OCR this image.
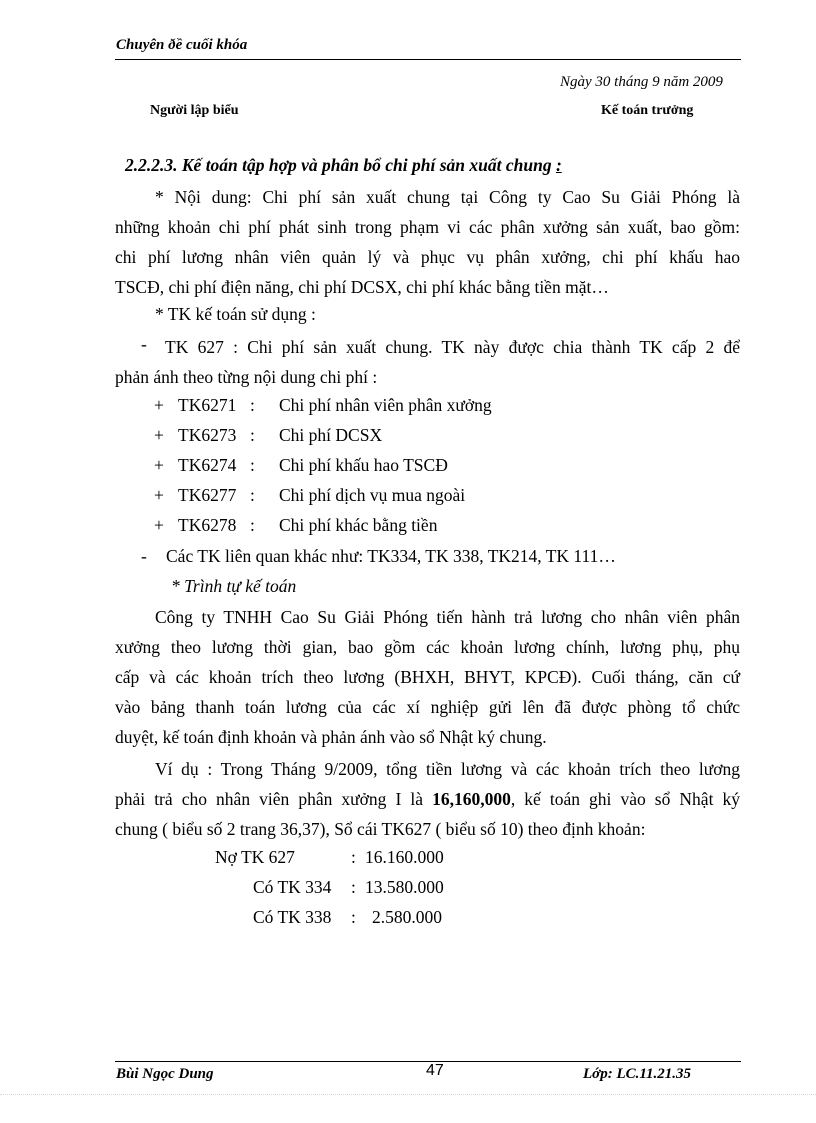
Chuyên ðề cuối khóa
Ngày 30 tháng 9 năm 2009
Người lập biểu	Kế toán trưởng
2.2.2.3. Kế toán tập hợp và phân bổ chi phí sản xuất chung :
* Nội dung: Chi phí sản xuất chung tại Công ty Cao Su Giải Phóng là
những khoản chi phí phát sinh trong phạm vi các phân xưởng sản xuất, bao gồm:
chi phí lương nhân viên quản lý và phục vụ phân xưởng, chi phí khấu hao
TSCĐ, chi phí điện năng, chi phí DCSX, chi phí khác bằng tiền mặt…
* TK kế toán sử dụng :
-	TK 627 : Chi phí sản xuất chung. TK này được chia thành TK cấp 2 để
phản ánh theo từng nội dung chi phí :
+ TK6271 : Chi phí nhân viên phân xưởng
+ TK6273 : Chi phí DCSX
+ TK6274 : Chi phí khấu hao TSCĐ
+ TK6277 : Chi phí dịch vụ mua ngoài
+ TK6278 : Chi phí khác bằng tiền
- Các TK liên quan khác như: TK334, TK 338, TK214, TK 111…
* Trình tự kế toán
Công ty TNHH Cao Su Giải Phóng tiến hành trả lương cho nhân viên phân
xưởng theo lương thời gian, bao gồm các khoản lương chính, lương phụ, phụ
cấp và các khoản trích theo lương (BHXH, BHYT, KPCĐ). Cuối tháng, căn cứ
vào bảng thanh toán lương của các xí nghiệp gửi lên đã được phòng tổ chức
duyệt, kế toán định khoản và phản ánh vào sổ Nhật ký chung.
Ví dụ : Trong Tháng 9/2009, tổng tiền lương và các khoản trích theo lương
phải trả cho nhân viên phân xưởng I là 16,160,000, kế toán ghi vào sổ Nhật ký
chung ( biểu số 2 trang 36,37), Sổ cái TK627 ( biểu số 10) theo định khoản:
Nợ TK 627	: 16.160.000
Có TK 334 : 13.580.000
Có TK 338 : 2.580.000
Bùi Ngọc Dung	47	Lớp: LC.11.21.35
